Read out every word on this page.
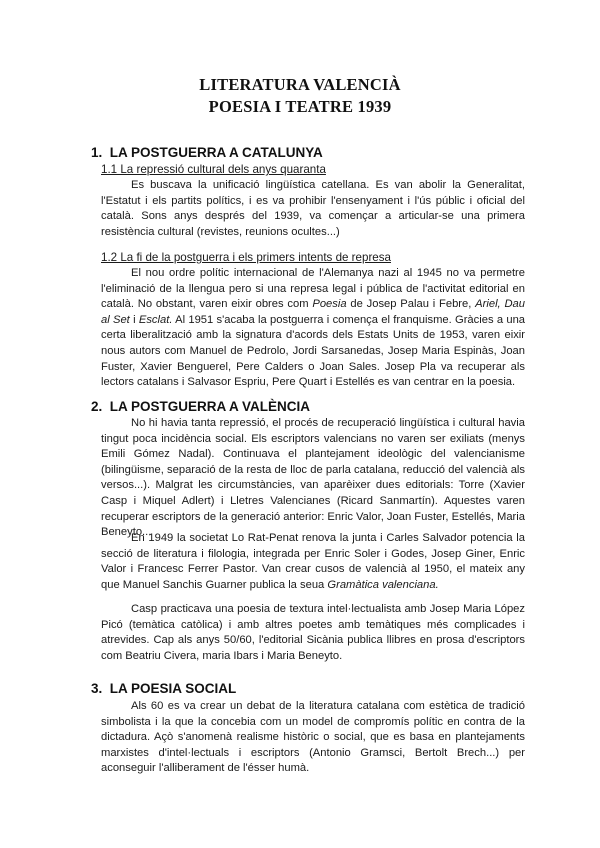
LITERATURA VALENCIÀ
POESIA I TEATRE 1939
1. LA POSTGUERRA A CATALUNYA
1.1 La repressió cultural dels anys quaranta
Es buscava la unificació lingüística catellana. Es van abolir la Generalitat, l'Estatut i els partits polítics, i es va prohibir l'ensenyament i l'ús públic i oficial del català. Sons anys després del 1939, va començar a articular-se una primera resistència cultural (revistes, reunions ocultes...)
1.2 La fi de la postguerra i els primers intents de represa
El nou ordre polític internacional de l'Alemanya nazi al 1945 no va permetre l'eliminació de la llengua pero si una represa legal i pública de l'activitat editorial en català. No obstant, varen eixir obres com Poesia de Josep Palau i Febre, Ariel, Dau al Set i Esclat. Al 1951 s'acaba la postguerra i comença el franquisme. Gràcies a una certa liberalització amb la signatura d'acords dels Estats Units de 1953, varen eixir nous autors com Manuel de Pedrolo, Jordi Sarsanedas, Josep Maria Espinàs, Joan Fuster, Xavier Benguerel, Pere Calders o Joan Sales. Josep Pla va recuperar als lectors catalans i Salvasor Espriu, Pere Quart i Estellés es van centrar en la poesia.
2. LA POSTGUERRA A VALÈNCIA
No hi havia tanta repressió, el procés de recuperació lingüística i cultural havia tingut poca incidència social. Els escriptors valencians no varen ser exiliats (menys Emili Gómez Nadal). Continuava el plantejament ideològic del valencianisme (bilingüisme, separació de la resta de lloc de parla catalana, reducció del valencià als versos...). Malgrat les circumstàncies, van aparèixer dues editorials: Torre (Xavier Casp i Miquel Adlert) i Lletres Valencianes (Ricard Sanmartín). Aquestes varen recuperar escriptors de la generació anterior: Enric Valor, Joan Fuster, Estellés, Maria Beneyto...
En 1949 la societat Lo Rat-Penat renova la junta i Carles Salvador potencia la secció de literatura i filologia, integrada per Enric Soler i Godes, Josep Giner, Enric Valor i Francesc Ferrer Pastor. Van crear cusos de valencià al 1950, el mateix any que Manuel Sanchis Guarner publica la seua Gramàtica valenciana.
Casp practicava una poesia de textura intel·lectualista amb Josep Maria López Picó (temàtica catòlica) i amb altres poetes amb temàtiques més complicades i atrevides. Cap als anys 50/60, l'editorial Sicània publica llibres en prosa d'escriptors com Beatriu Civera, maria Ibars i Maria Beneyto.
3. LA POESIA SOCIAL
Als 60 es va crear un debat de la literatura catalana com estètica de tradició simbolista i la que la concebia com un model de compromís polític en contra de la dictadura. Açò s'anomenà realisme històric o social, que es basa en plantejaments marxistes d'intel·lectuals i escriptors (Antonio Gramsci, Bertolt Brech...) per aconseguir l'alliberament de l'ésser humà.
